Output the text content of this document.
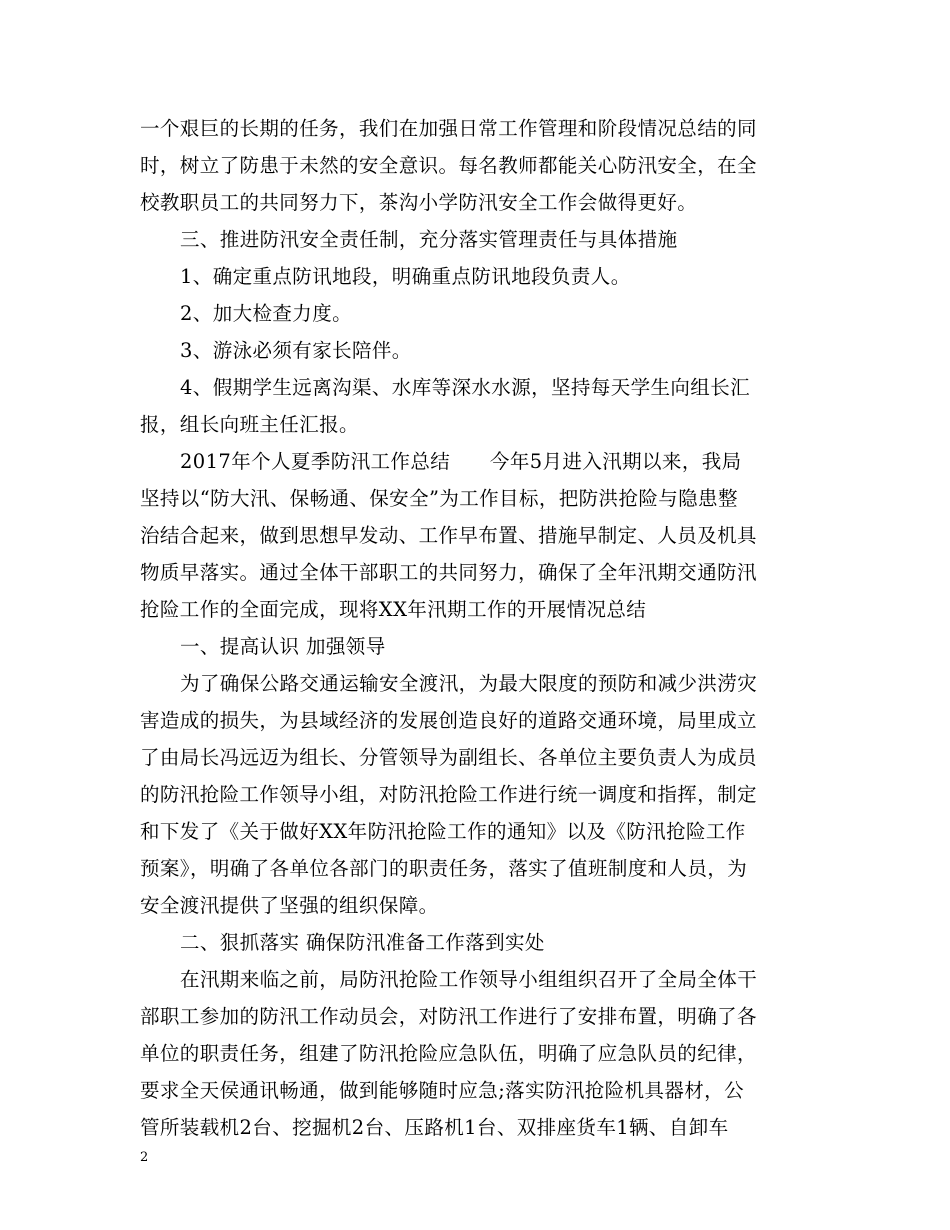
一个艰巨的长期的任务，我们在加强日常工作管理和阶段情况总结的同
时，树立了防患于未然的安全意识。每名教师都能关心防汛安全，在全
校教职员工的共同努力下，茶沟小学防汛安全工作会做得更好。
三、推进防汛安全责任制，充分落实管理责任与具体措施
1、确定重点防讯地段，明确重点防讯地段负责人。
2、加大检查力度。
3、游泳必须有家长陪伴。
4、假期学生远离沟渠、水库等深水水源，坚持每天学生向组长汇
报，组长向班主任汇报。
2017年个人夏季防汛工作总结　　今年5月进入汛期以来，我局
坚持以“防大汛、保畅通、保安全”为工作目标，把防洪抢险与隐患整
治结合起来，做到思想早发动、工作早布置、措施早制定、人员及机具
物质早落实。通过全体干部职工的共同努力，确保了全年汛期交通防汛
抢险工作的全面完成，现将XX年汛期工作的开展情况总结
一、提高认识 加强领导
为了确保公路交通运输安全渡汛，为最大限度的预防和减少洪涝灾
害造成的损失，为县域经济的发展创造良好的道路交通环境，局里成立
了由局长冯远迈为组长、分管领导为副组长、各单位主要负责人为成员
的防汛抢险工作领导小组，对防汛抢险工作进行统一调度和指挥，制定
和下发了《关于做好XX年防汛抢险工作的通知》以及《防汛抢险工作
预案》，明确了各单位各部门的职责任务，落实了值班制度和人员，为
安全渡汛提供了坚强的组织保障。
二、狠抓落实 确保防汛准备工作落到实处
在汛期来临之前，局防汛抢险工作领导小组组织召开了全局全体干
部职工参加的防汛工作动员会，对防汛工作进行了安排布置，明确了各
单位的职责任务，组建了防汛抢险应急队伍，明确了应急队员的纪律，
要求全天侯通讯畅通，做到能够随时应急;落实防汛抢险机具器材，公
管所装载机2台、挖掘机2台、压路机1台、双排座货车1辆、自卸车
2
